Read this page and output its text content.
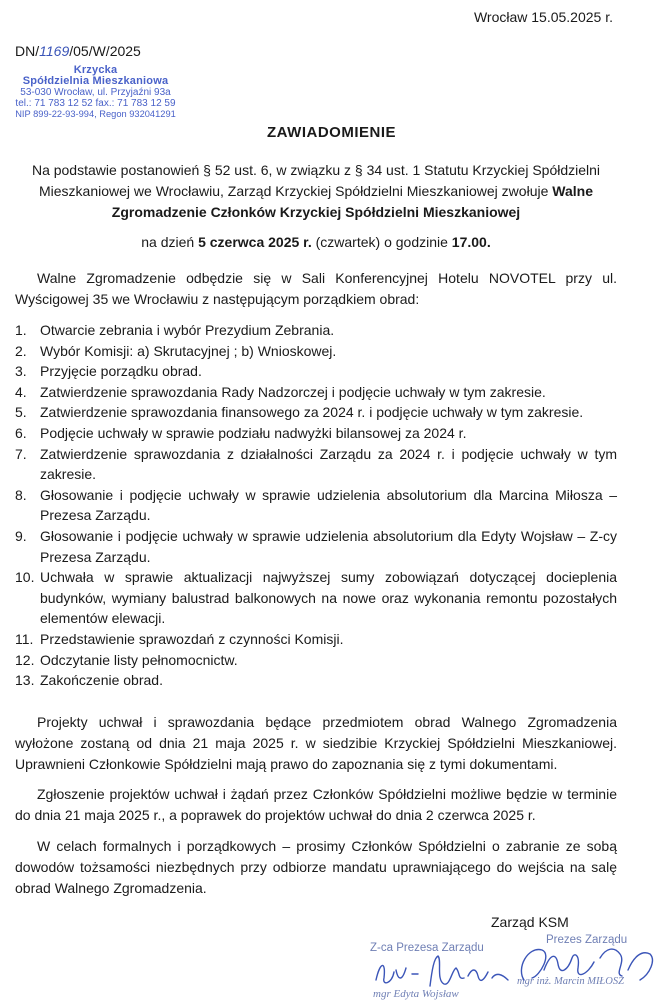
Wrocław 15.05.2025 r.
DN/1169/05/W/2025
Krzycka
Spółdzielnia Mieszkaniowa
53-030 Wrocław, ul. Przyjaźni 93a
tel.: 71 783 12 52 fax.: 71 783 12 59
NIP 899-22-93-994, Regon 932041291
ZAWIADOMIENIE
Na podstawie postanowień § 52 ust. 6, w związku z § 34 ust. 1 Statutu Krzyckiej Spółdzielni Mieszkaniowej we Wrocławiu, Zarząd Krzyckiej Spółdzielni Mieszkaniowej zwołuje Walne Zgromadzenie Członków Krzyckiej Spółdzielni Mieszkaniowej
na dzień 5 czerwca 2025 r. (czwartek) o godzinie 17.00.
Walne Zgromadzenie odbędzie się w Sali Konferencyjnej Hotelu NOVOTEL przy ul. Wyścigowej 35 we Wrocławiu z następującym porządkiem obrad:
1. Otwarcie zebrania i wybór Prezydium Zebrania.
2. Wybór Komisji: a) Skrutacyjnej ; b) Wnioskowej.
3. Przyjęcie porządku obrad.
4. Zatwierdzenie sprawozdania Rady Nadzorczej i podjęcie uchwały w tym zakresie.
5. Zatwierdzenie sprawozdania finansowego za 2024 r. i podjęcie uchwały w tym zakresie.
6. Podjęcie uchwały w sprawie podziału nadwyżki bilansowej za 2024 r.
7. Zatwierdzenie sprawozdania z działalności Zarządu za 2024 r. i podjęcie uchwały w tym zakresie.
8. Głosowanie i podjęcie uchwały w sprawie udzielenia absolutorium dla Marcina Miłosza – Prezesa Zarządu.
9. Głosowanie i podjęcie uchwały w sprawie udzielenia absolutorium dla Edyty Wojsław – Z-cy Prezesa Zarządu.
10. Uchwała w sprawie aktualizacji najwyższej sumy zobowiązań dotyczącej docieplenia budynków, wymiany balustrad balkonowych na nowe oraz wykonania remontu pozostałych elementów elewacji.
11. Przedstawienie sprawozdań z czynności Komisji.
12. Odczytanie listy pełnomocnictw.
13. Zakończenie obrad.
Projekty uchwał i sprawozdania będące przedmiotem obrad Walnego Zgromadzenia wyłożone zostaną od dnia 21 maja 2025 r. w siedzibie Krzyckiej Spółdzielni Mieszkaniowej. Uprawnieni Członkowie Spółdzielni mają prawo do zapoznania się z tymi dokumentami.
Zgłoszenie projektów uchwał i żądań przez Członków Spółdzielni możliwe będzie w terminie do dnia 21 maja 2025 r., a poprawek do projektów uchwał do dnia 2 czerwca 2025 r.
W celach formalnych i porządkowych – prosimy Członków Spółdzielni o zabranie ze sobą dowodów tożsamości niezbędnych przy odbiorze mandatu uprawniającego do wejścia na salę obrad Walnego Zgromadzenia.
Zarząd KSM
Z-ca Prezesa Zarządu
mgr Edyta Wojsław
Prezes Zarządu
mgr inż. Marcin MIŁOSZ
